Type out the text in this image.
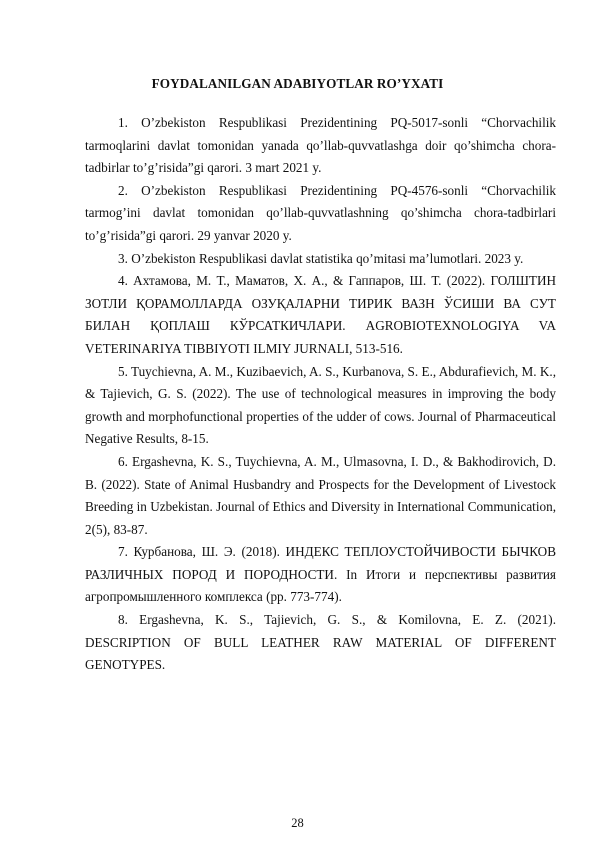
FOYDALANILGAN ADABIYOTLAR RO’YXATI

1. O’zbekiston Respublikasi Prezidentining PQ-5017-sonli “Chorvachilik tarmoqlarini davlat tomonidan yanada qo’llab-quvvatlashga doir qo’shimcha chora-tadbirlar to’g’risida”gi qarori. 3 mart 2021 y.

2. O’zbekiston Respublikasi Prezidentining PQ-4576-sonli “Chorvachilik tarmog’ini davlat tomonidan qo’llab-quvvatlashning qo’shimcha chora-tadbirlari to’g’risida”gi qarori. 29 yanvar 2020 y.

3. O’zbekiston Respublikasi davlat statistika qo’mitasi ma’lumotlari. 2023 y.

4. Ахтамова, М. Т., Маматов, Х. А., & Гаппаров, Ш. Т. (2022). ГОЛШТИН ЗОТЛИ ҚОРАМОЛЛАРДА ОЗУҚАЛАРНИ ТИРИК ВАЗН ЎСИШИ ВА СУТ БИЛАН ҚОПЛАШ КЎРСАТКИЧЛАРИ. AGROBIOTEXNOLOGIYA VA VETERINARIYA TIBBIYOTI ILMIY JURNALI, 513-516.

5. Tuychievna, A. M., Kuzibaevich, A. S., Kurbanova, S. E., Abdurafievich, M. K., & Tajievich, G. S. (2022). The use of technological measures in improving the body growth and morphofunctional properties of the udder of cows. Journal of Pharmaceutical Negative Results, 8-15.

6. Ergashevna, K. S., Tuychievna, A. M., Ulmasovna, I. D., & Bakhodirovich, D. B. (2022). State of Animal Husbandry and Prospects for the Development of Livestock Breeding in Uzbekistan. Journal of Ethics and Diversity in International Communication, 2(5), 83-87.

7. Курбанова, Ш. Э. (2018). ИНДЕКС ТЕПЛОУСТОЙЧИВОСТИ БЫЧКОВ РАЗЛИЧНЫХ ПОРОД И ПОРОДНОСТИ. In Итоги и перспективы развития агропромышленного комплекса (pp. 773-774).

8. Ergashevna, K. S., Tajievich, G. S., & Komilovna, E. Z. (2021). DESCRIPTION OF BULL LEATHER RAW MATERIAL OF DIFFERENT GENOTYPES.

28
